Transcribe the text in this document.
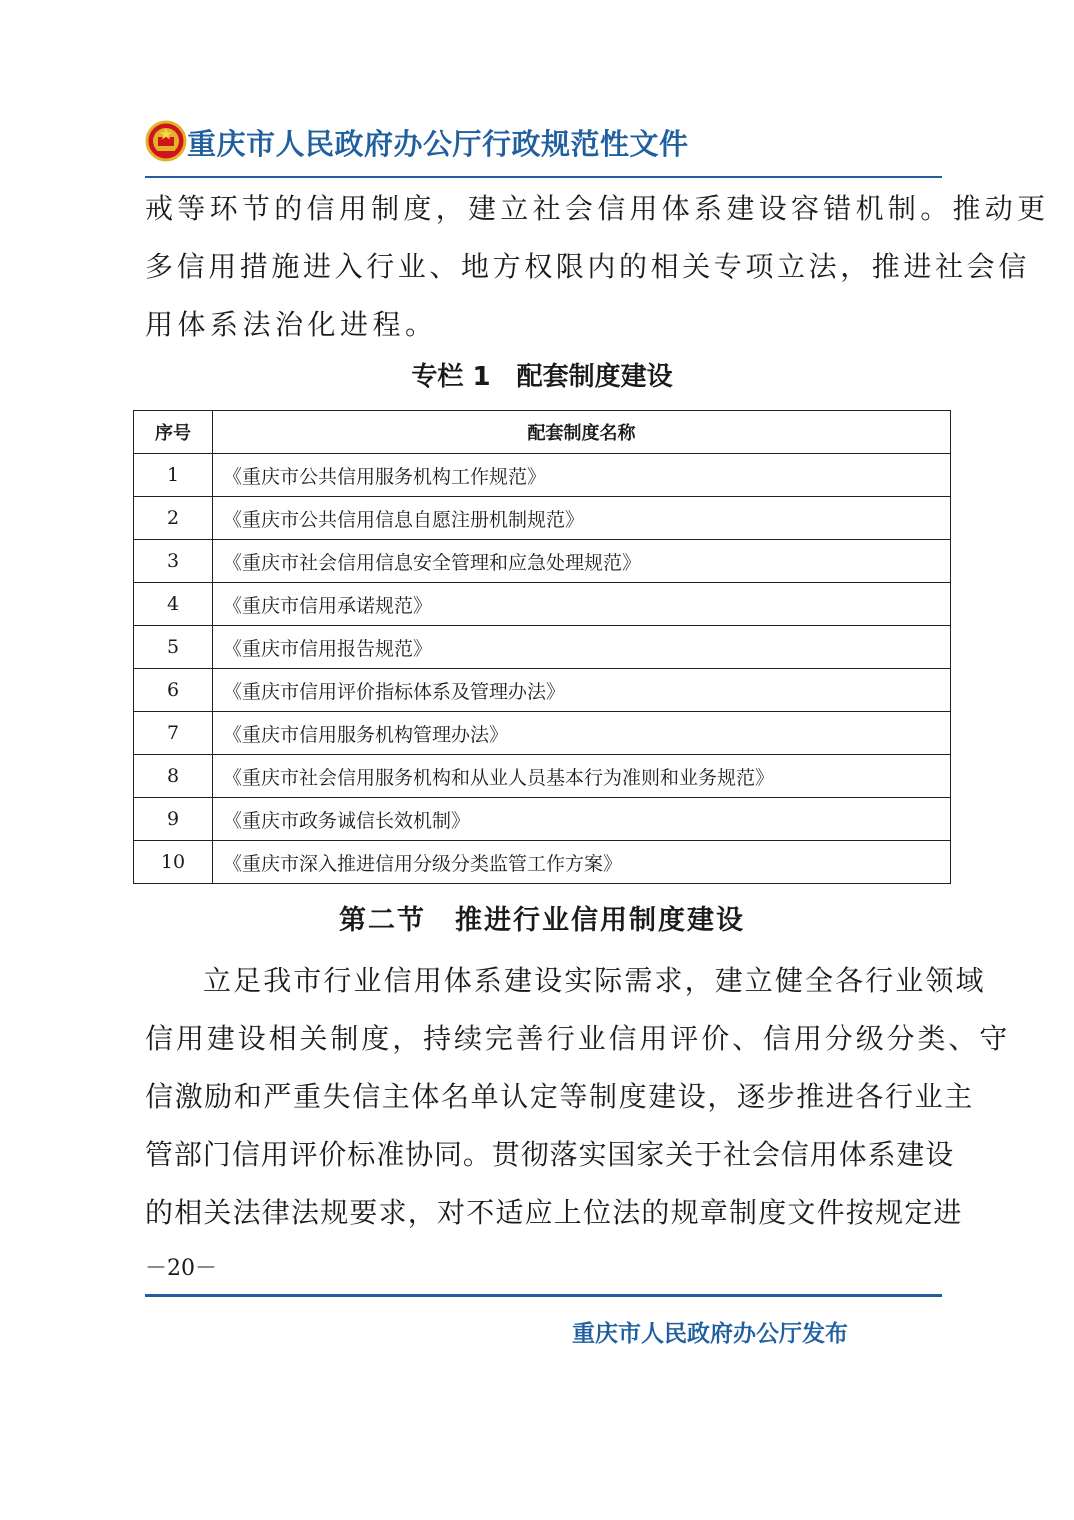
重庆市人民政府办公厅行政规范性文件
戒等环节的信用制度，建立社会信用体系建设容错机制。推动更
多信用措施进入行业、地方权限内的相关专项立法，推进社会信
用体系法治化进程。
专栏 1　配套制度建设
序号	配套制度名称
1	《重庆市公共信用服务机构工作规范》
2	《重庆市公共信用信息自愿注册机制规范》
3	《重庆市社会信用信息安全管理和应急处理规范》
4	《重庆市信用承诺规范》
5	《重庆市信用报告规范》
6	《重庆市信用评价指标体系及管理办法》
7	《重庆市信用服务机构管理办法》
8	《重庆市社会信用服务机构和从业人员基本行为准则和业务规范》
9	《重庆市政务诚信长效机制》
10	《重庆市深入推进信用分级分类监管工作方案》
第二节　推进行业信用制度建设
立足我市行业信用体系建设实际需求，建立健全各行业领域
信用建设相关制度，持续完善行业信用评价、信用分级分类、守
信激励和严重失信主体名单认定等制度建设，逐步推进各行业主
管部门信用评价标准协同。贯彻落实国家关于社会信用体系建设
的相关法律法规要求，对不适应上位法的规章制度文件按规定进
－20－
重庆市人民政府办公厅发布
